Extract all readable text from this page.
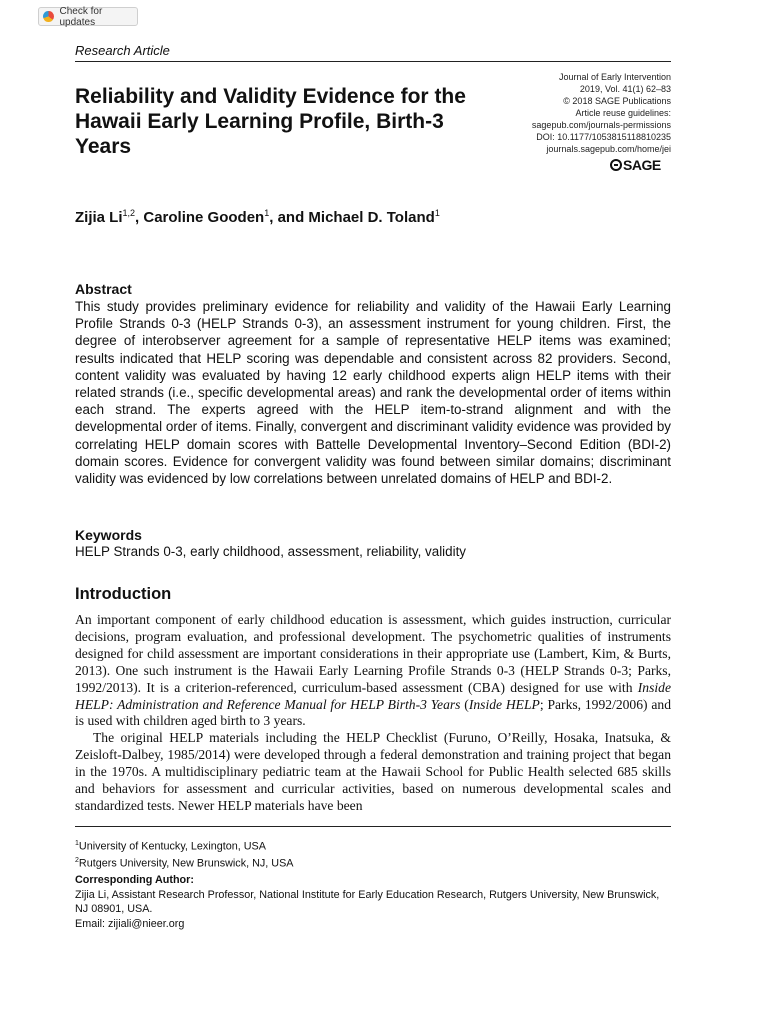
Check for updates
Research Article
Reliability and Validity Evidence for the Hawaii Early Learning Profile, Birth-3 Years
Journal of Early Intervention
2019, Vol. 41(1) 62–83
© 2018 SAGE Publications
Article reuse guidelines:
sagepub.com/journals-permissions
DOI: 10.1177/1053815118810235
journals.sagepub.com/home/jei
SAGE
Zijia Li$^{1,2}$, Caroline Gooden$^1$, and Michael D. Toland$^1$
Abstract
This study provides preliminary evidence for reliability and validity of the Hawaii Early Learning Profile Strands 0-3 (HELP Strands 0-3), an assessment instrument for young children. First, the degree of interobserver agreement for a sample of representative HELP items was examined; results indicated that HELP scoring was dependable and consistent across 82 providers. Second, content validity was evaluated by having 12 early childhood experts align HELP items with their related strands (i.e., specific developmental areas) and rank the developmental order of items within each strand. The experts agreed with the HELP item-to-strand alignment and with the developmental order of items. Finally, convergent and discriminant validity evidence was provided by correlating HELP domain scores with Battelle Developmental Inventory–Second Edition (BDI-2) domain scores. Evidence for convergent validity was found between similar domains; discriminant validity was evidenced by low correlations between unrelated domains of HELP and BDI-2.
Keywords
HELP Strands 0-3, early childhood, assessment, reliability, validity
Introduction

An important component of early childhood education is assessment, which guides instruction, curricular decisions, program evaluation, and professional development. The psychometric qualities of instruments designed for child assessment are important considerations in their appropriate use (Lambert, Kim, & Burts, 2013). One such instrument is the Hawaii Early Learning Profile Strands 0-3 (HELP Strands 0-3; Parks, 1992/2013). It is a criterion-referenced, curriculum-based assessment (CBA) designed for use with Inside HELP: Administration and Reference Manual for HELP Birth-3 Years (Inside HELP; Parks, 1992/2006) and is used with children aged birth to 3 years.

The original HELP materials including the HELP Checklist (Furuno, O’Reilly, Hosaka, Inatsuka, & Zeisloft-Dalbey, 1985/2014) were developed through a federal demonstration and training project that began in the 1970s. A multidisciplinary pediatric team at the Hawaii School for Public Health selected 685 skills and behaviors for assessment and curricular activities, based on numerous developmental scales and standardized tests. Newer HELP materials have been

$^1$University of Kentucky, Lexington, USA
$^2$Rutgers University, New Brunswick, NJ, USA
Corresponding Author:
Zijia Li, Assistant Research Professor, National Institute for Early Education Research, Rutgers University, New Brunswick, NJ 08901, USA.
Email: zijiali@nieer.org
